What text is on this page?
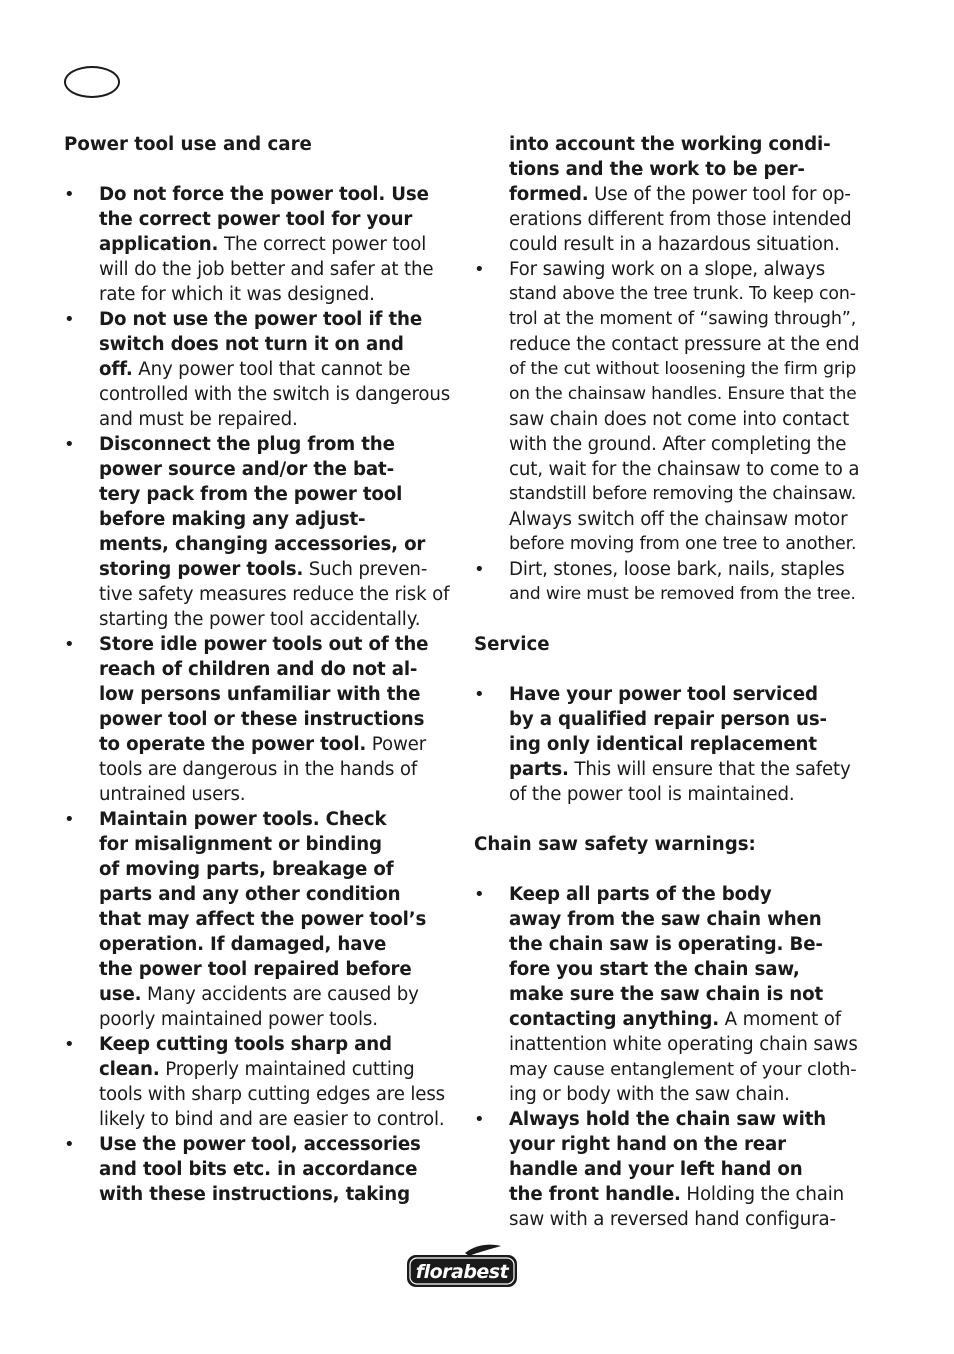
Power tool use and care
• Do not force the power tool. Use
the correct power tool for your
application. The correct power tool
will do the job better and safer at the
rate for which it was designed.
• Do not use the power tool if the
switch does not turn it on and
off. Any power tool that cannot be
controlled with the switch is dangerous
and must be repaired.
• Disconnect the plug from the
power source and/or the bat-
tery pack from the power tool
before making any adjust-
ments, changing accessories, or
storing power tools. Such preven-
tive safety measures reduce the risk of
starting the power tool accidentally.
• Store idle power tools out of the
reach of children and do not al-
low persons unfamiliar with the
power tool or these instructions
to operate the power tool. Power
tools are dangerous in the hands of
untrained users.
• Maintain power tools. Check
for misalignment or binding
of moving parts, breakage of
parts and any other condition
that may affect the power tool’s
operation. If damaged, have
the power tool repaired before
use. Many accidents are caused by
poorly maintained power tools.
• Keep cutting tools sharp and
clean. Properly maintained cutting
tools with sharp cutting edges are less
likely to bind and are easier to control.
• Use the power tool, accessories
and tool bits etc. in accordance
with these instructions, taking
into account the working condi-
tions and the work to be per-
formed. Use of the power tool for op-
erations different from those intended
could result in a hazardous situation.
• For sawing work on a slope, always
stand above the tree trunk. To keep con-
trol at the moment of “sawing through”,
reduce the contact pressure at the end
of the cut without loosening the firm grip
on the chainsaw handles. Ensure that the
saw chain does not come into contact
with the ground. After completing the
cut, wait for the chainsaw to come to a
standstill before removing the chainsaw.
Always switch off the chainsaw motor
before moving from one tree to another.
• Dirt, stones, loose bark, nails, staples
and wire must be removed from the tree.
Service
• Have your power tool serviced
by a qualified repair person us-
ing only identical replacement
parts. This will ensure that the safety
of the power tool is maintained.
Chain saw safety warnings:
• Keep all parts of the body
away from the saw chain when
the chain saw is operating. Be-
fore you start the chain saw,
make sure the saw chain is not
contacting anything. A moment of
inattention white operating chain saws
may cause entanglement of your cloth-
ing or body with the saw chain.
• Always hold the chain saw with
your right hand on the rear
handle and your left hand on
the front handle. Holding the chain
saw with a reversed hand configura-
florabest
